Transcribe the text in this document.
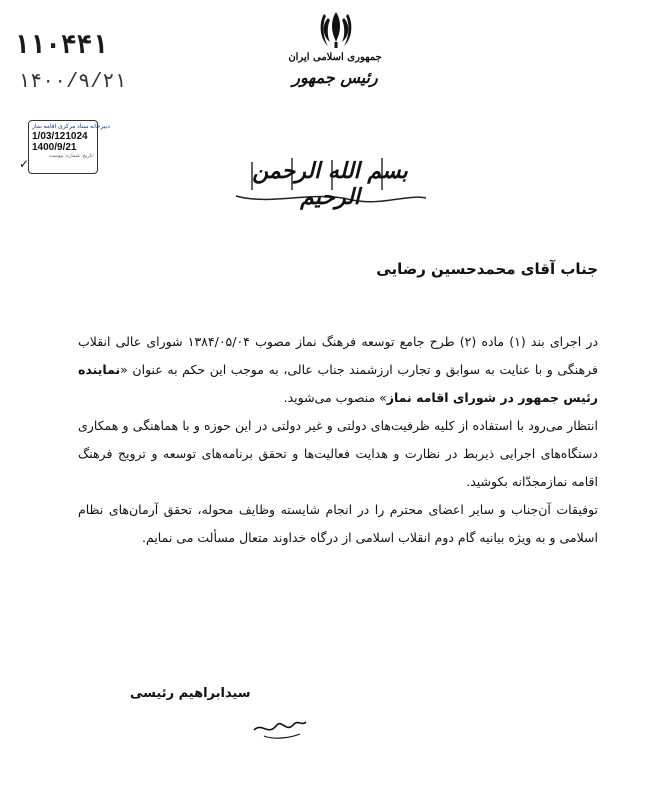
۱۱۰۴۴۱
۱۴۰۰/۹/۲۱
دبیرخانه ستاد مرکزی اقامه نماز
1/03/121024
1400/9/21
تاریخ: شماره: پیوست:
✓
جمهوری اسلامی ایران
رئیس جمهور
بسم الله الرحمن الرحیم
جناب آقای محمدحسین رضایی

در اجرای بند (۱) ماده (۲) طرح جامع توسعه فرهنگ نماز مصوب ۱۳۸۴/۰۵/۰۴ شورای عالی انقلاب فرهنگی و با عنایت به سوابق و تجارب ارزشمند جناب عالی، به موجب این حکم به عنوان «نماینده رئیس جمهور در شورای اقامه نماز» منصوب می‌شوید.

انتظار می‌رود با استفاده از کلیه ظرفیت‌های دولتی و غیر دولتی در این حوزه و با هماهنگی و همکاری دستگاه‌های اجرایی ذیربط در نظارت و هدایت فعالیت‌ها و تحقق برنامه‌های توسعه و ترویج فرهنگ اقامه نمازمجدّانه بکوشید.

توفیقات آن‌جناب و سایر اعضای محترم را در انجام شایسته وظایف محوله، تحقق آرمان‌های نظام اسلامی و به ویژه بیانیه گام دوم انقلاب اسلامی از درگاه خداوند متعال مسألت می نمایم.

سیدابراهیم رئیسی
